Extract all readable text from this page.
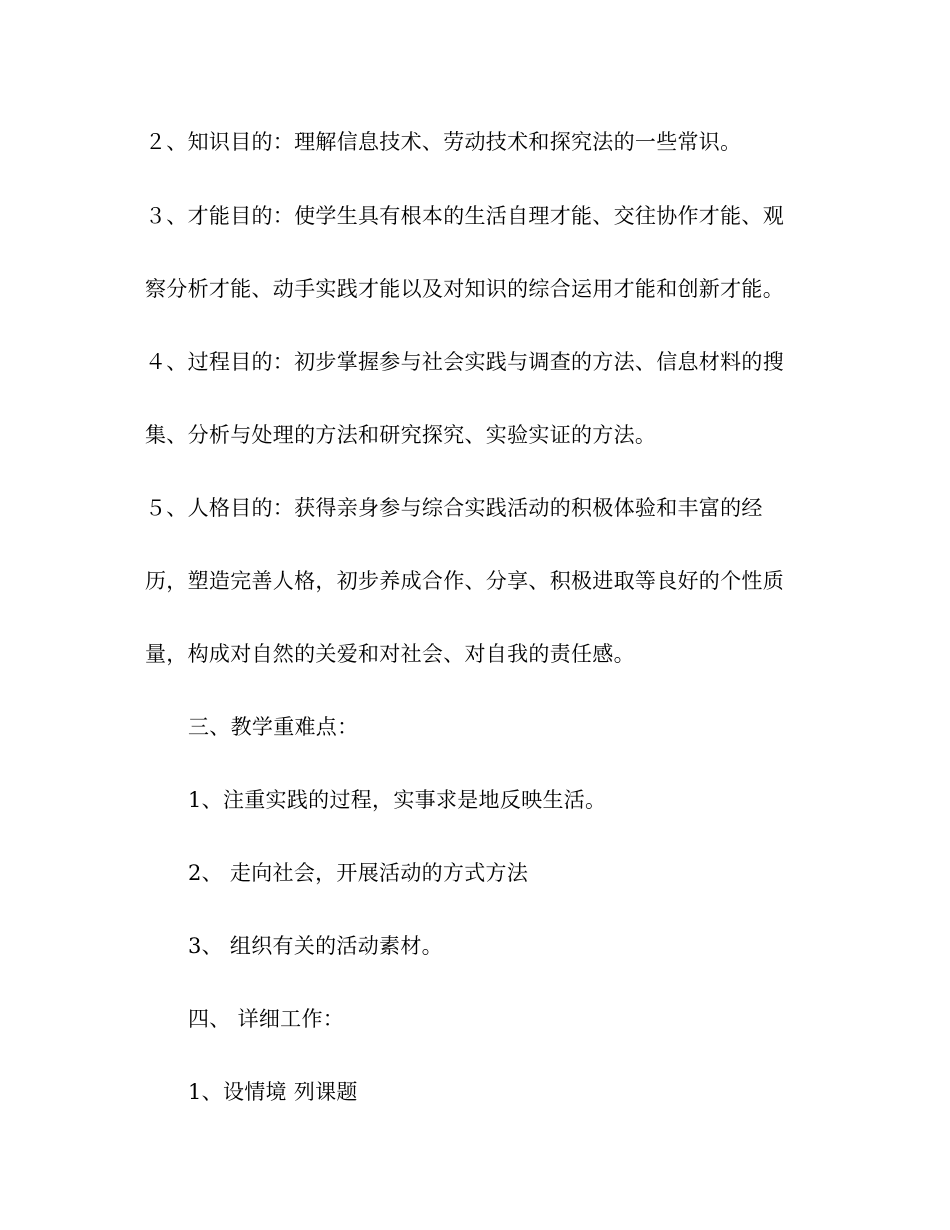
２、知识目的：理解信息技术、劳动技术和探究法的一些常识。
３、才能目的：使学生具有根本的生活自理才能、交往协作才能、观
察分析才能、动手实践才能以及对知识的综合运用才能和创新才能。
４、过程目的：初步掌握参与社会实践与调查的方法、信息材料的搜
集、分析与处理的方法和研究探究、实验实证的方法。
５、人格目的：获得亲身参与综合实践活动的积极体验和丰富的经
历，塑造完善人格，初步养成合作、分享、积极进取等良好的个性质
量，构成对自然的关爱和对社会、对自我的责任感。
三、教学重难点：
1、注重实践的过程，实事求是地反映生活。
2、 走向社会，开展活动的方式方法
3、 组织有关的活动素材。
四、 详细工作：
1、设情境 列课题
